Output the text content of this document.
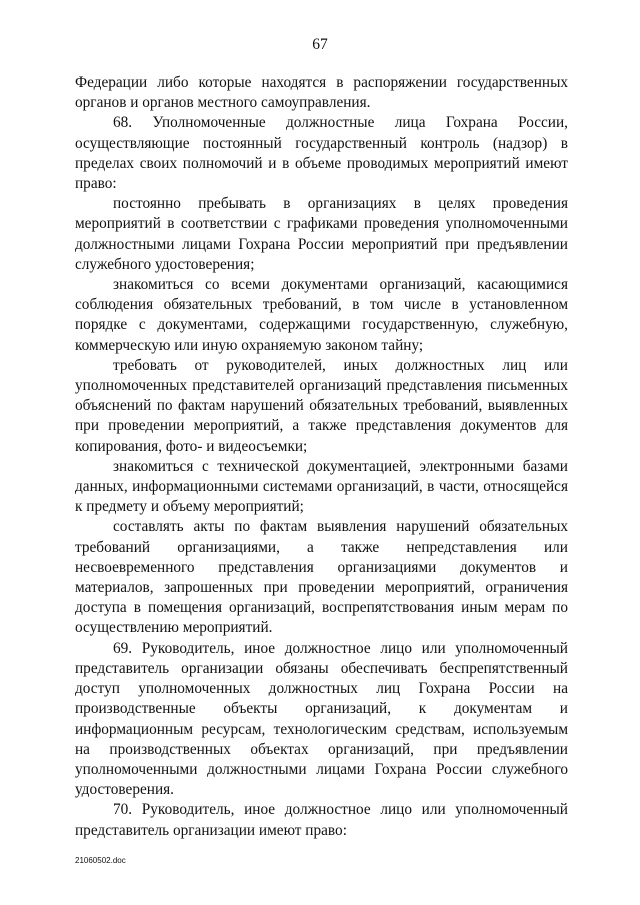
67

Федерации либо которые находятся в распоряжении государственных органов и органов местного самоуправления.

68. Уполномоченные должностные лица Гохрана России, осуществляющие постоянный государственный контроль (надзор) в пределах своих полномочий и в объеме проводимых мероприятий имеют право:

постоянно пребывать в организациях в целях проведения мероприятий в соответствии с графиками проведения уполномоченными должностными лицами Гохрана России мероприятий при предъявлении служебного удостоверения;

знакомиться со всеми документами организаций, касающимися соблюдения обязательных требований, в том числе в установленном порядке с документами, содержащими государственную, служебную, коммерческую или иную охраняемую законом тайну;

требовать от руководителей, иных должностных лиц или уполномоченных представителей организаций представления письменных объяснений по фактам нарушений обязательных требований, выявленных при проведении мероприятий, а также представления документов для копирования, фото- и видеосъемки;

знакомиться с технической документацией, электронными базами данных, информационными системами организаций, в части, относящейся к предмету и объему мероприятий;

составлять акты по фактам выявления нарушений обязательных требований организациями, а также непредставления или несвоевременного представления организациями документов и материалов, запрошенных при проведении мероприятий, ограничения доступа в помещения организаций, воспрепятствования иным мерам по осуществлению мероприятий.

69. Руководитель, иное должностное лицо или уполномоченный представитель организации обязаны обеспечивать беспрепятственный доступ уполномоченных должностных лиц Гохрана России на производственные объекты организаций, к документам и информационным ресурсам, технологическим средствам, используемым на производственных объектах организаций, при предъявлении уполномоченными должностными лицами Гохрана России служебного удостоверения.

70. Руководитель, иное должностное лицо или уполномоченный представитель организации имеют право:

21060502.doc
